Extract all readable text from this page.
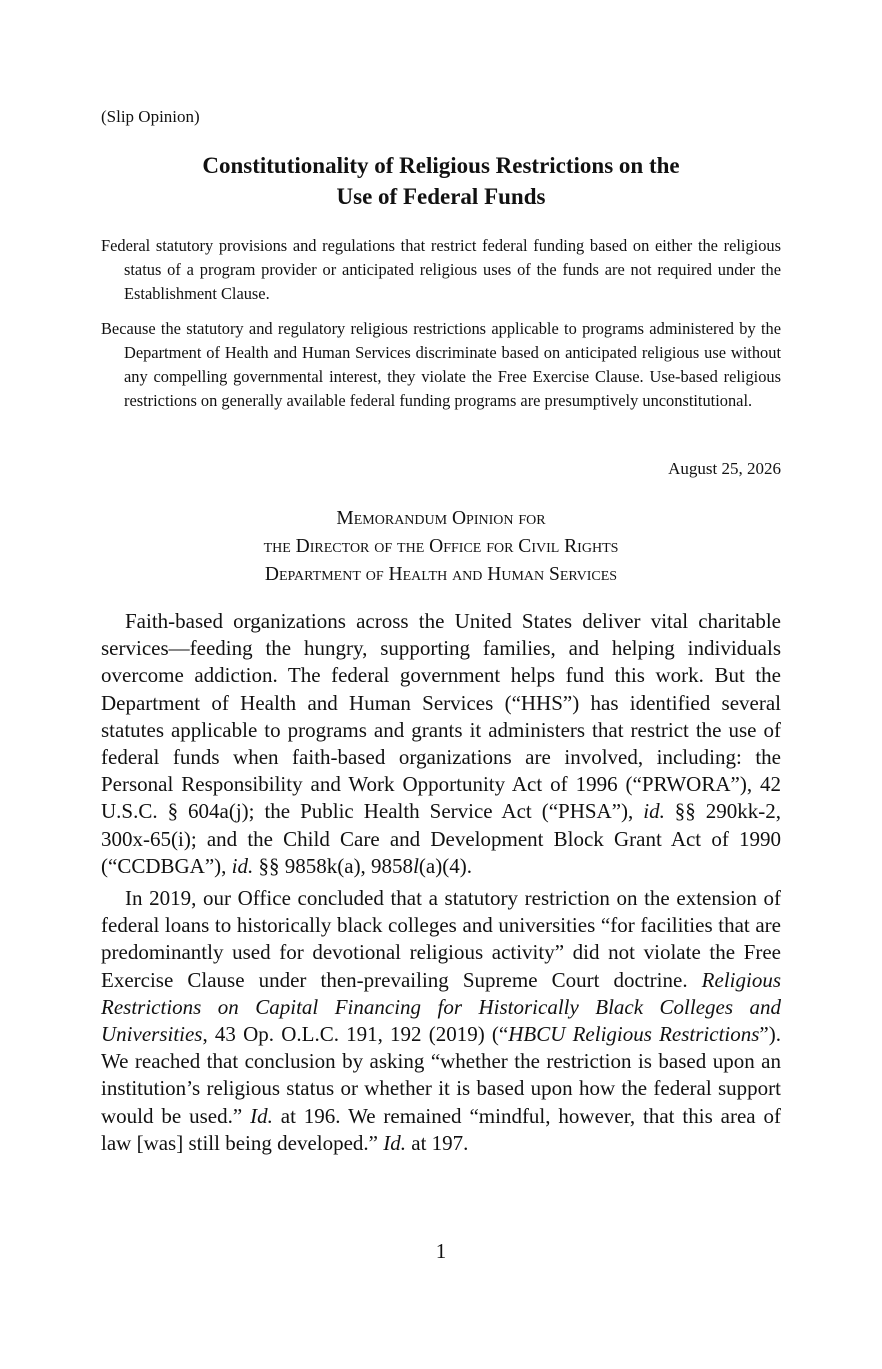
(Slip Opinion)
Constitutionality of Religious Restrictions on the
Use of Federal Funds

Federal statutory provisions and regulations that restrict federal funding based on either the religious status of a program provider or anticipated religious uses of the funds are not required under the Establishment Clause.

Because the statutory and regulatory religious restrictions applicable to programs administered by the Department of Health and Human Services discriminate based on anticipated religious use without any compelling governmental interest, they violate the Free Exercise Clause. Use-based religious restrictions on generally available federal funding programs are presumptively unconstitutional.

August 25, 2026
Memorandum Opinion for
the Director of the Office for Civil Rights
Department of Health and Human Services

Faith-based organizations across the United States deliver vital charitable services—feeding the hungry, supporting families, and helping individuals overcome addiction. The federal government helps fund this work. But the Department of Health and Human Services (“HHS”) has identified several statutes applicable to programs and grants it administers that restrict the use of federal funds when faith-based organizations are involved, including: the Personal Responsibility and Work Opportunity Act of 1996 (“PRWORA”), 42 U.S.C. § 604a(j); the Public Health Service Act (“PHSA”), id. §§ 290kk-2, 300x-65(i); and the Child Care and Development Block Grant Act of 1990 (“CCDBGA”), id. §§ 9858k(a), 9858l(a)(4).

In 2019, our Office concluded that a statutory restriction on the extension of federal loans to historically black colleges and universities “for facilities that are predominantly used for devotional religious activity” did not violate the Free Exercise Clause under then-prevailing Supreme Court doctrine. Religious Restrictions on Capital Financing for Historically Black Colleges and Universities, 43 Op. O.L.C. 191, 192 (2019) (“HBCU Religious Restrictions”). We reached that conclusion by asking “whether the restriction is based upon an institution’s religious status or whether it is based upon how the federal support would be used.” Id. at 196. We remained “mindful, however, that this area of law [was] still being developed.” Id. at 197.

1
